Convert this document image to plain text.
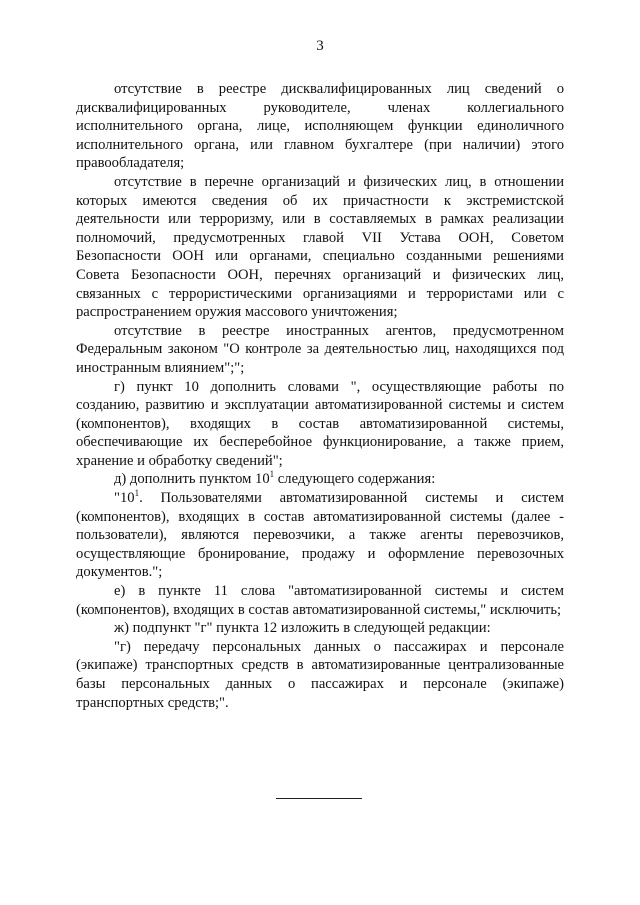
3

отсутствие в реестре дисквалифицированных лиц сведений о дисквалифицированных руководителе, членах коллегиального исполнительного органа, лице, исполняющем функции единоличного исполнительного органа, или главном бухгалтере (при наличии) этого правообладателя;

отсутствие в перечне организаций и физических лиц, в отношении которых имеются сведения об их причастности к экстремистской деятельности или терроризму, или в составляемых в рамках реализации полномочий, предусмотренных главой VII Устава ООН, Советом Безопасности ООН или органами, специально созданными решениями Совета Безопасности ООН, перечнях организаций и физических лиц, связанных с террористическими организациями и террористами или с распространением оружия массового уничтожения;

отсутствие в реестре иностранных агентов, предусмотренном Федеральным законом "О контроле за деятельностью лиц, находящихся под иностранным влиянием";";

г) пункт 10 дополнить словами ", осуществляющие работы по созданию, развитию и эксплуатации автоматизированной системы и систем (компонентов), входящих в состав автоматизированной системы, обеспечивающие их бесперебойное функционирование, а также прием, хранение и обработку сведений";

д) дополнить пунктом $10^1$ следующего содержания:

"$10^1$. Пользователями автоматизированной системы и систем (компонентов), входящих в состав автоматизированной системы (далее - пользователи), являются перевозчики, а также агенты перевозчиков, осуществляющие бронирование, продажу и оформление перевозочных документов.";

е) в пункте 11 слова "автоматизированной системы и систем (компонентов), входящих в состав автоматизированной системы," исключить;

ж) подпункт "г" пункта 12 изложить в следующей редакции:

"г) передачу персональных данных о пассажирах и персонале (экипаже) транспортных средств в автоматизированные централизованные базы персональных данных о пассажирах и персонале (экипаже) транспортных средств;".
